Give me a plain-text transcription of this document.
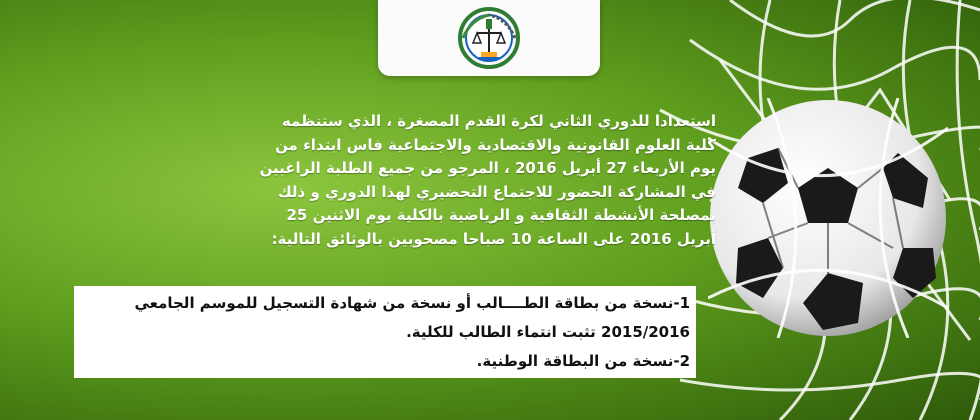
استعدادا للدوري الثاني لكرة القدم المصغرة ، الذي ستنظمه
كلية العلوم القانونية والاقتصادية والاجتماعية فاس ابتداء من
يوم الأربعاء 27 أبريل 2016 ، المرجو من جميع الطلبة الراغبين
في المشاركة الحضور للاجتماع التحضيري لهذا الدوري و ذلك
بمصلحة الأنشطة الثقافية و الرياضية بالكلية يوم الاثنين 25
أبريل 2016 على الساعة 10 صباحا مصحوبين بالوثائق التالية:
1-نسخة من بطاقة الطــــالب أو نسخة من شهادة التسجيل للموسم الجامعي
2015/2016 تثبت انتماء الطالب للكلية.
2-نسخة من البطاقة الوطنية.
